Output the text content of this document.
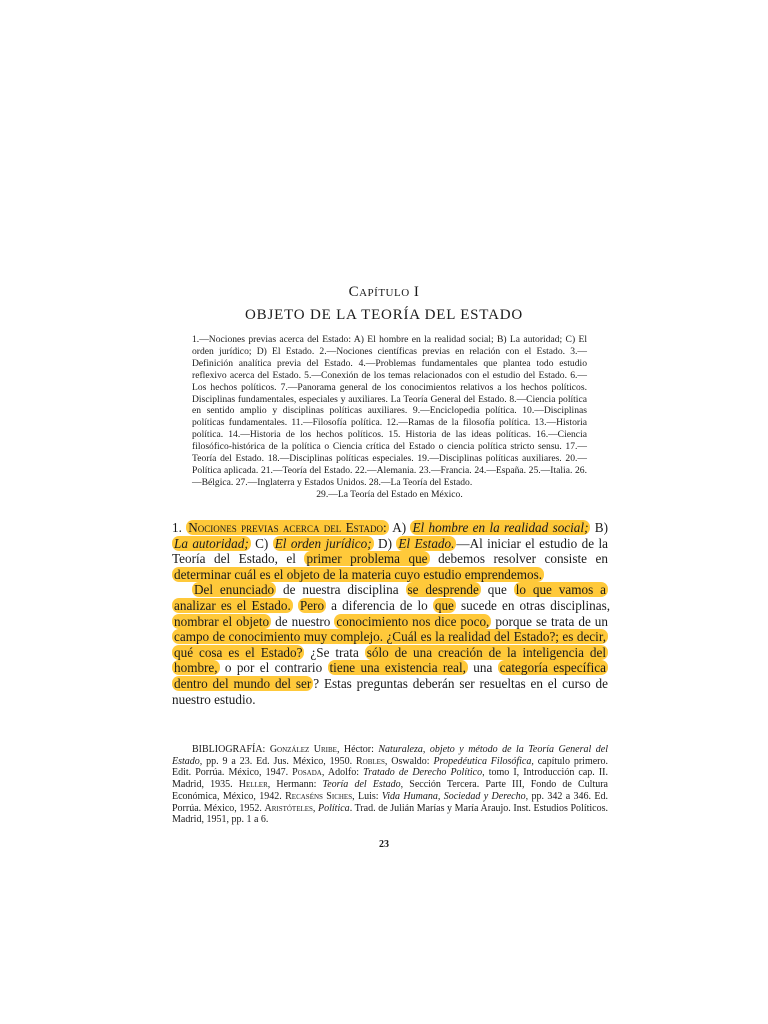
Capítulo I
OBJETO DE LA TEORÍA DEL ESTADO
1.—Nociones previas acerca del Estado: A) El hombre en la realidad social; B) La autoridad; C) El orden jurídico; D) El Estado. 2.—Nociones científicas previas en relación con el Estado. 3.—Definición analítica previa del Estado. 4.—Problemas fundamentales que plantea todo estudio reflexivo acerca del Estado. 5.—Conexión de los temas relacionados con el estudio del Estado. 6.—Los hechos políticos. 7.—Panorama general de los conocimientos relativos a los hechos políticos. Disciplinas fundamentales, especiales y auxiliares. La Teoría General del Estado. 8.—Ciencia política en sentido amplio y disciplinas políticas auxiliares. 9.—Enciclopedia política. 10.—Disciplinas políticas fundamentales. 11.—Filosofía política. 12.—Ramas de la filosofía política. 13.—Historia política. 14.—Historia de los hechos políticos. 15. Historia de las ideas políticas. 16.—Ciencia filosófico-histórica de la política o Ciencia crítica del Estado o ciencia política stricto sensu. 17.—Teoría del Estado. 18.—Disciplinas políticas especiales. 19.—Disciplinas políticas auxiliares. 20.—Política aplicada. 21.—Teoría del Estado. 22.—Alemania. 23.—Francia. 24.—España. 25.—Italia. 26.—Bélgica. 27.—Inglaterra y Estados Unidos. 28.—La Teoría del Estado.
29.—La Teoría del Estado en México.

1. Nociones previas acerca del Estado: A) El hombre en la realidad social; B) La autoridad; C) El orden jurídico; D) El Estado. —Al iniciar el estudio de la Teoría del Estado, el primer problema que debemos resolver consiste en determinar cuál es el objeto de la materia cuyo estudio emprendemos.

Del enunciado de nuestra disciplina se desprende que lo que vamos a analizar es el Estado. Pero a diferencia de lo que sucede en otras disciplinas, nombrar el objeto de nuestro conocimiento nos dice poco, porque se trata de un campo de conocimiento muy complejo. ¿Cuál es la realidad del Estado?; es decir, qué cosa es el Estado? ¿Se trata sólo de una creación de la inteligencia del hombre, o por el contrario tiene una existencia real, una categoría específica dentro del mundo del ser ? Estas preguntas deberán ser resueltas en el curso de nuestro estudio.

BIBLIOGRAFÍA: González Uribe, Héctor: Naturaleza, objeto y método de la Teoría General del Estado, pp. 9 a 23. Ed. Jus. México, 1950. Robles, Oswaldo: Propedéutica Filosófica, capítulo primero. Edit. Porrúa. México, 1947. Posada, Adolfo: Tratado de Derecho Político, tomo I, Introducción cap. II. Madrid, 1935. Heller, Hermann: Teoría del Estado, Sección Tercera. Parte III, Fondo de Cultura Económica, México, 1942. Recaséns Siches, Luis: Vida Humana, Sociedad y Derecho, pp. 342 a 346. Ed. Porrúa. México, 1952. Aristóteles, Política. Trad. de Julián Marías y María Araujo. Inst. Estudios Políticos. Madrid, 1951, pp. 1 a 6.

23
